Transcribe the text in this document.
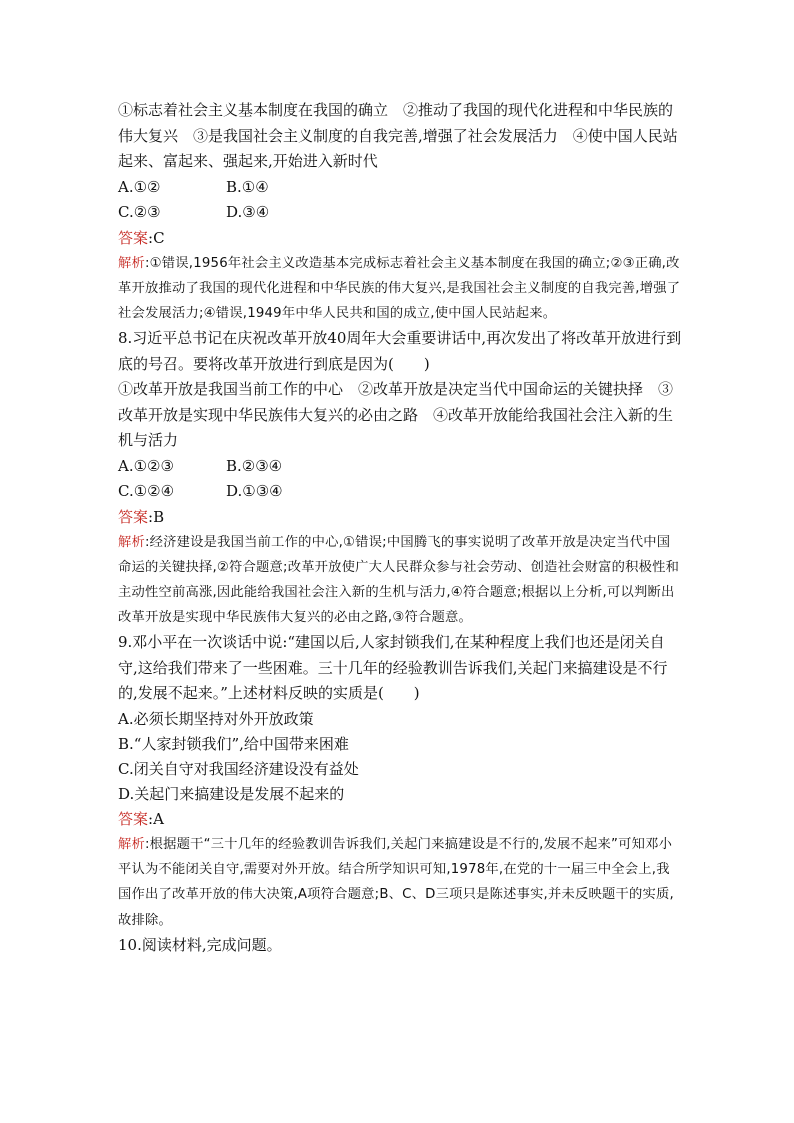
①标志着社会主义基本制度在我国的确立　②推动了我国的现代化进程和中华民族的伟大复兴　③是我国社会主义制度的自我完善,增强了社会发展活力　④使中国人民站起来、富起来、强起来,开始进入新时代

A.①②	B.①④
C.②③	D.③④

答案:C

解析:①错误,1956年社会主义改造基本完成标志着社会主义基本制度在我国的确立;②③正确,改革开放推动了我国的现代化进程和中华民族的伟大复兴,是我国社会主义制度的自我完善,增强了社会发展活力;④错误,1949年中华人民共和国的成立,使中国人民站起来。

8.习近平总书记在庆祝改革开放40周年大会重要讲话中,再次发出了将改革开放进行到底的号召。要将改革开放进行到底是因为(　　)

①改革开放是我国当前工作的中心　②改革开放是决定当代中国命运的关键抉择　③改革开放是实现中华民族伟大复兴的必由之路　④改革开放能给我国社会注入新的生机与活力

A.①②③	B.②③④
C.①②④	D.①③④

答案:B

解析:经济建设是我国当前工作的中心,①错误;中国腾飞的事实说明了改革开放是决定当代中国命运的关键抉择,②符合题意;改革开放使广大人民群众参与社会劳动、创造社会财富的积极性和主动性空前高涨,因此能给我国社会注入新的生机与活力,④符合题意;根据以上分析,可以判断出改革开放是实现中华民族伟大复兴的必由之路,③符合题意。

9.邓小平在一次谈话中说:“建国以后,人家封锁我们,在某种程度上我们也还是闭关自守,这给我们带来了一些困难。三十几年的经验教训告诉我们,关起门来搞建设是不行的,发展不起来。”上述材料反映的实质是(　　)

A.必须长期坚持对外开放政策
B.“人家封锁我们”,给中国带来困难
C.闭关自守对我国经济建设没有益处
D.关起门来搞建设是发展不起来的

答案:A

解析:根据题干“三十几年的经验教训告诉我们,关起门来搞建设是不行的,发展不起来”可知邓小平认为不能闭关自守,需要对外开放。结合所学知识可知,1978年,在党的十一届三中全会上,我国作出了改革开放的伟大决策,A项符合题意;B、C、D三项只是陈述事实,并未反映题干的实质,故排除。

10.阅读材料,完成问题。
